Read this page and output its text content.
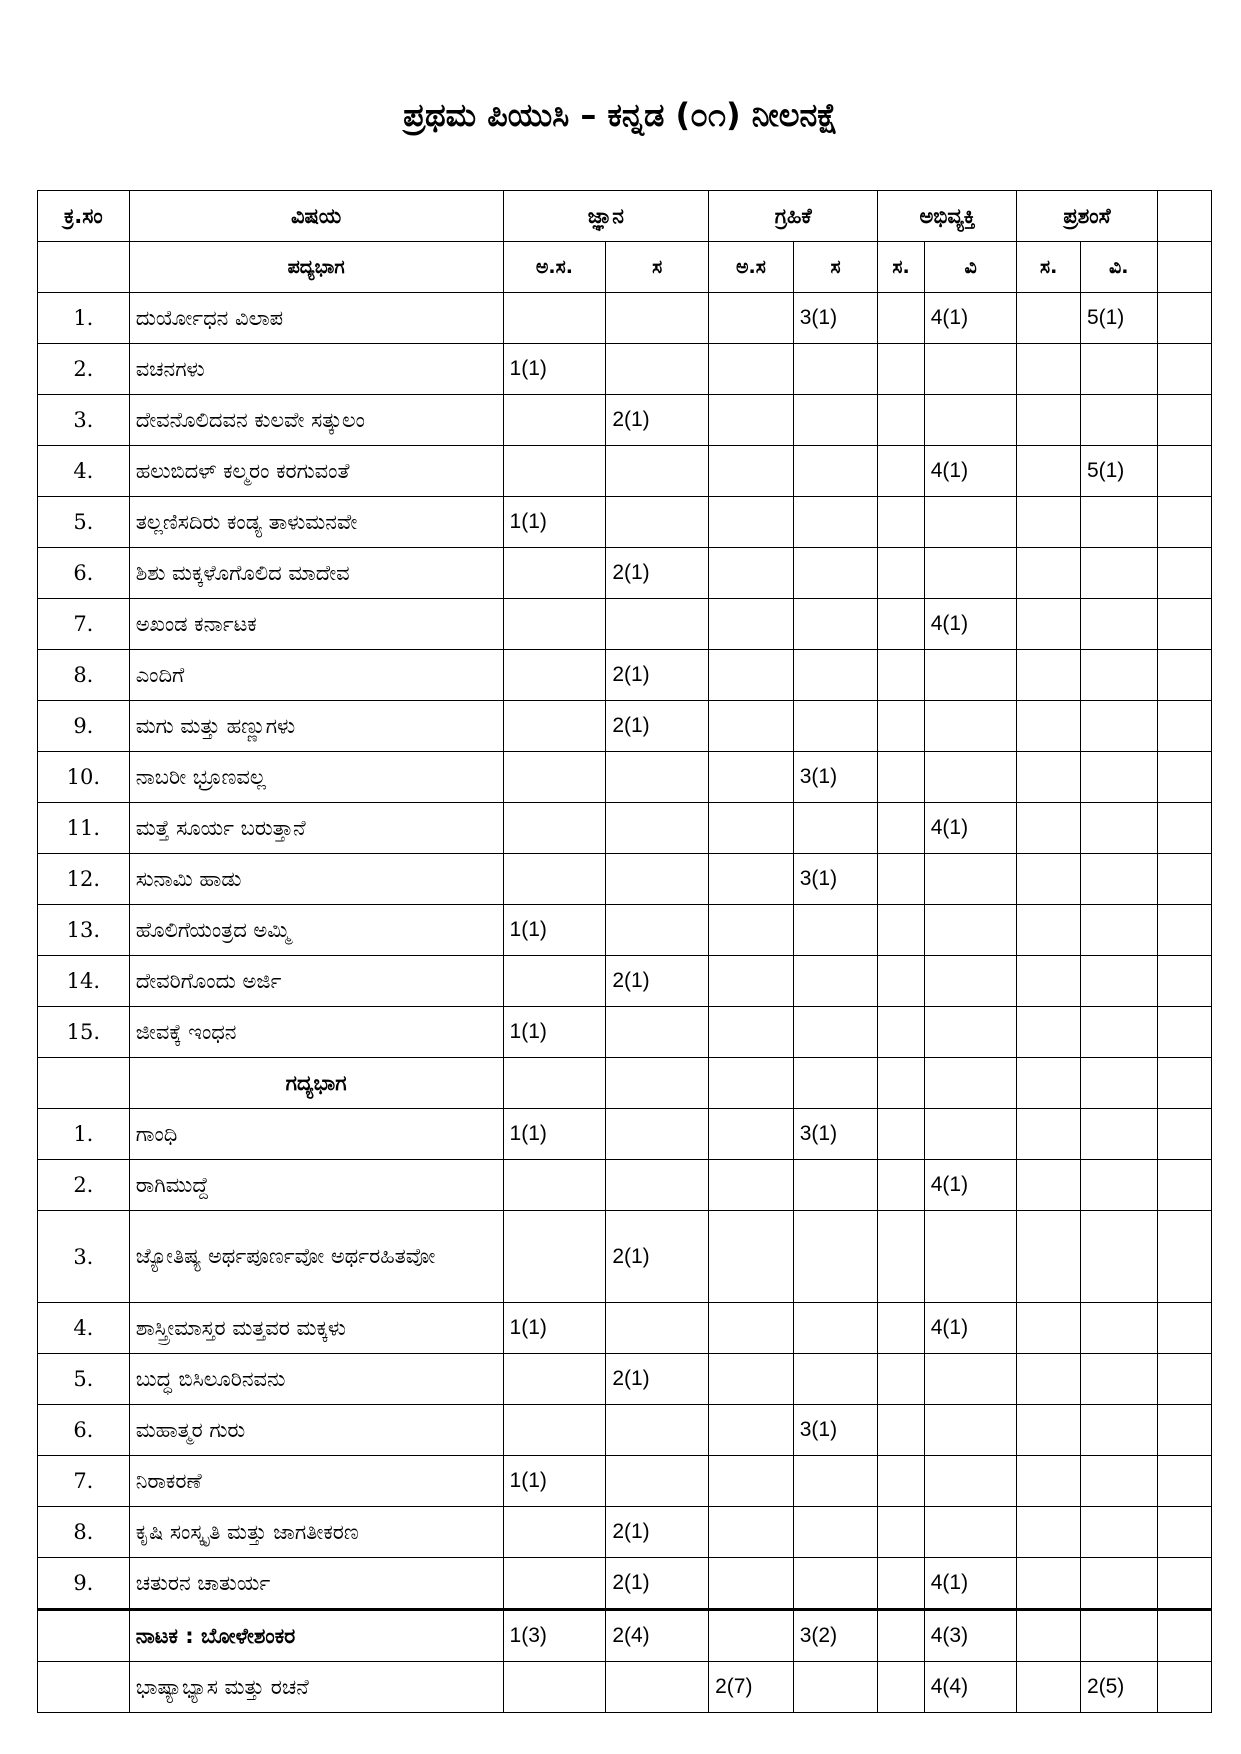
ಪ್ರಥಮ ಪಿಯುಸಿ – ಕನ್ನಡ (೦೧) ನೀಲನಕ್ಷೆ
ಕ್ರ.ಸಂ	ವಿಷಯ	ಜ್ಞಾನ		ಗ್ರಹಿಕೆ		ಅಭಿವ್ಯಕ್ತಿ		ಪ್ರಶಂಸೆ		
	ಪದ್ಯಭಾಗ	ಅ.ಸ.	ಸ	ಅ.ಸ	ಸ	ಸ.	ವಿ	ಸ.	ವಿ.	
1.	ದುರ್ಯೋಧನ ವಿಲಾಪ				3(1)		4(1)		5(1)	
2.	ವಚನಗಳು	1(1)								
3.	ದೇವನೊಲಿದವನ ಕುಲವೇ ಸತ್ಕುಲಂ		2(1)							
4.	ಹಲುಬಿದಳ್ ಕಲ್ಮರಂ ಕರಗುವಂತೆ						4(1)		5(1)	
5.	ತಲ್ಲಣಿಸದಿರು ಕಂಡ್ಯ ತಾಳುಮನವೇ	1(1)								
6.	ಶಿಶು ಮಕ್ಕಳೊಗೊಲಿದ ಮಾದೇವ		2(1)							
7.	ಅಖಂಡ ಕರ್ನಾಟಕ						4(1)			
8.	ಎಂದಿಗೆ		2(1)							
9.	ಮಗು ಮತ್ತು ಹಣ್ಣುಗಳು		2(1)							
10.	ನಾಬರೀ ಭ್ರೂಣವಲ್ಲ				3(1)					
11.	ಮತ್ತೆ ಸೂರ್ಯ ಬರುತ್ತಾನೆ						4(1)			
12.	ಸುನಾಮಿ ಹಾಡು				3(1)					
13.	ಹೊಲಿಗೆಯಂತ್ರದ ಅಮ್ಮಿ	1(1)								
14.	ದೇವರಿಗೊಂದು ಅರ್ಜಿ		2(1)							
15.	ಜೀವಕ್ಕೆ ಇಂಧನ	1(1)								
	ಗದ್ಯಭಾಗ									
1.	ಗಾಂಧಿ	1(1)			3(1)					
2.	ರಾಗಿಮುದ್ದೆ						4(1)			
3.	ಜ್ಯೋತಿಷ್ಯ ಅರ್ಥಪೂರ್ಣವೋ ಅರ್ಥರಹಿತವೋ		2(1)							
4.	ಶಾಸ್ತ್ರೀಮಾಸ್ತರ ಮತ್ತವರ ಮಕ್ಕಳು	1(1)					4(1)			
5.	ಬುದ್ಧ ಬಿಸಿಲೂರಿನವನು		2(1)							
6.	ಮಹಾತ್ಮರ ಗುರು				3(1)					
7.	ನಿರಾಕರಣೆ	1(1)								
8.	ಕೃಷಿ ಸಂಸ್ಕೃತಿ ಮತ್ತು ಜಾಗತೀಕರಣ		2(1)							
9.	ಚತುರನ ಚಾತುರ್ಯ		2(1)				4(1)			
	ನಾಟಕ : ಬೋಳೇಶಂಕರ	1(3)	2(4)		3(2)		4(3)			
	ಭಾಷ್ಯಾಭ್ಯಾಸ ಮತ್ತು ರಚನೆ			2(7)			4(4)		2(5)	
